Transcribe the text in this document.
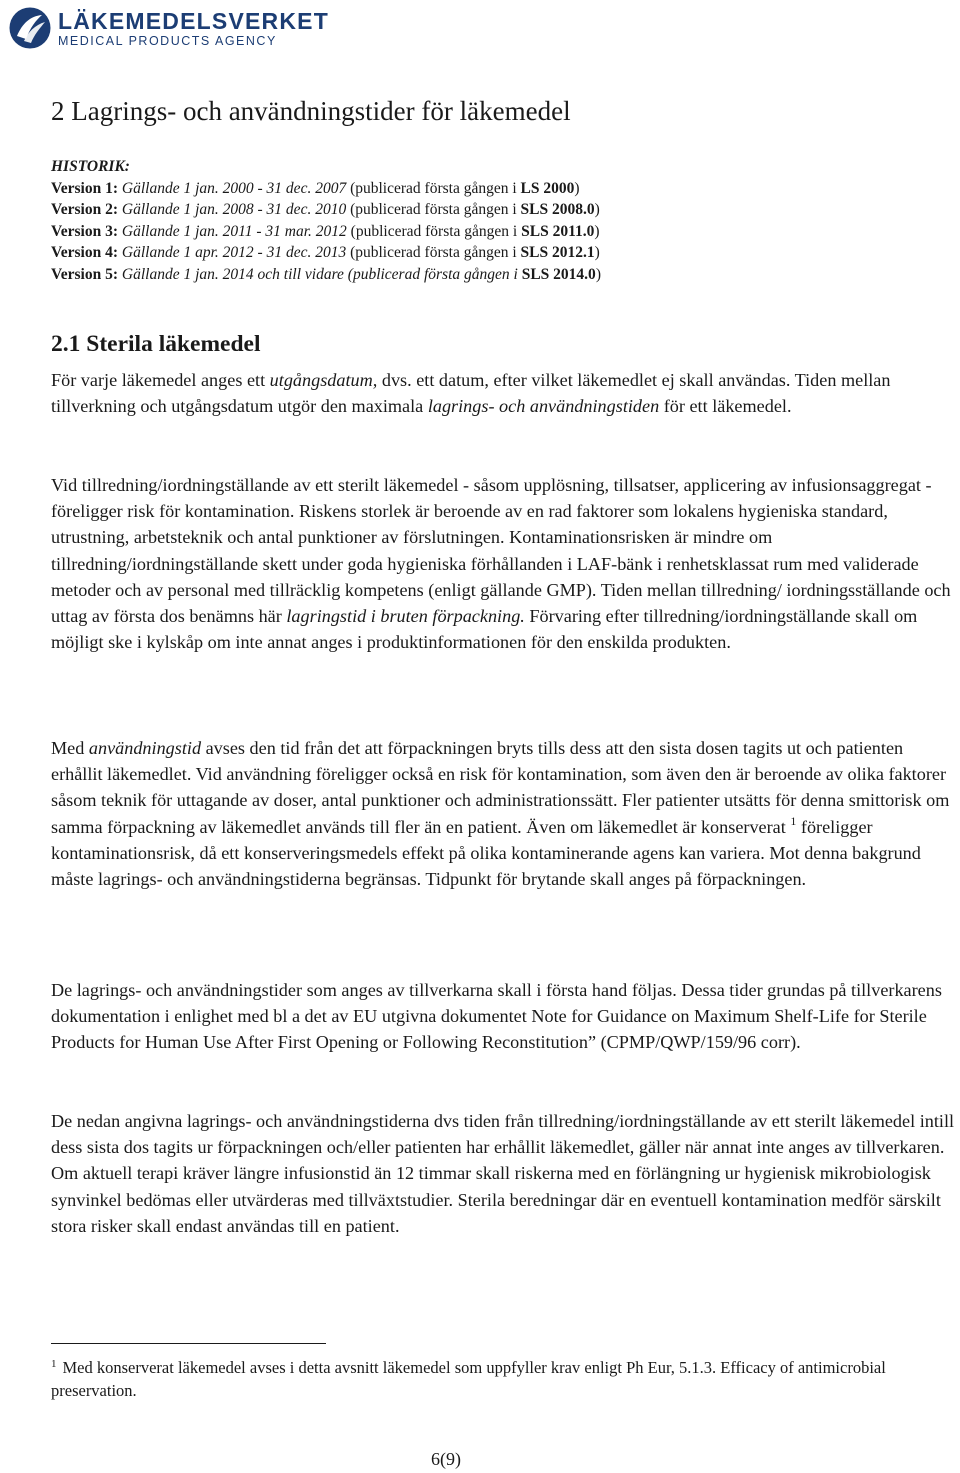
LÄKEMEDELSVERKET
MEDICAL PRODUCTS AGENCY
2 Lagrings- och användningstider för läkemedel
HISTORIK:
Version 1: Gällande 1 jan. 2000 - 31 dec. 2007 (publicerad första gången i LS 2000)
Version 2: Gällande 1 jan. 2008 - 31 dec. 2010 (publicerad första gången i SLS 2008.0)
Version 3: Gällande 1 jan. 2011 - 31 mar. 2012 (publicerad första gången i SLS 2011.0)
Version 4: Gällande 1 apr. 2012 - 31 dec. 2013 (publicerad första gången i SLS 2012.1)
Version 5: Gällande 1 jan. 2014 och till vidare (publicerad första gången i SLS 2014.0)
2.1 Sterila läkemedel

För varje läkemedel anges ett utgångsdatum, dvs. ett datum, efter vilket läkemedlet ej skall användas. Tiden mellan tillverkning och utgångsdatum utgör den maximala lagrings- och användningstiden för ett läkemedel.

Vid tillredning/iordningställande av ett sterilt läkemedel - såsom upplösning, tillsatser, applicering av infusionsaggregat - föreligger risk för kontamination. Riskens storlek är beroende av en rad faktorer som lokalens hygieniska standard, utrustning, arbetsteknik och antal punktioner av förslutningen. Kontaminationsrisken är mindre om tillredning/iordningställande skett under goda hygieniska förhållanden i LAF-bänk i renhetsklassat rum med validerade metoder och av personal med tillräcklig kompetens (enligt gällande GMP). Tiden mellan tillredning/ iordningsställande och uttag av första dos benämns här lagringstid i bruten förpackning. Förvaring efter tillredning/iordningställande skall om möjligt ske i kylskåp om inte annat anges i produktinformationen för den enskilda produkten.

Med användningstid avses den tid från det att förpackningen bryts tills dess att den sista dosen tagits ut och patienten erhållit läkemedlet. Vid användning föreligger också en risk för kontamination, som även den är beroende av olika faktorer såsom teknik för uttagande av doser, antal punktioner och administrationssätt. Fler patienter utsätts för denna smittorisk om samma förpackning av läkemedlet används till fler än en patient. Även om läkemedlet är konserverat $^1$ föreligger kontaminationsrisk, då ett konserveringsmedels effekt på olika kontaminerande agens kan variera. Mot denna bakgrund måste lagrings- och användningstiderna begränsas. Tidpunkt för brytande skall anges på förpackningen.

De lagrings- och användningstider som anges av tillverkarna skall i första hand följas. Dessa tider grundas på tillverkarens dokumentation i enlighet med bl a det av EU utgivna dokumentet Note for Guidance on Maximum Shelf-Life for Sterile Products for Human Use After First Opening or Following Reconstitution” (CPMP/QWP/159/96 corr).

De nedan angivna lagrings- och användningstiderna dvs tiden från tillredning/iordningställande av ett sterilt läkemedel intill dess sista dos tagits ur förpackningen och/eller patienten har erhållit läkemedlet, gäller när annat inte anges av tillverkaren. Om aktuell terapi kräver längre infusionstid än 12 timmar skall riskerna med en förlängning ur hygienisk mikrobiologisk synvinkel bedömas eller utvärderas med tillväxtstudier. Sterila beredningar där en eventuell kontamination medför särskilt stora risker skall endast användas till en patient.

$^1$ Med konserverat läkemedel avses i detta avsnitt läkemedel som uppfyller krav enligt Ph Eur, 5.1.3. Efficacy of antimicrobial preservation.
6(9)
